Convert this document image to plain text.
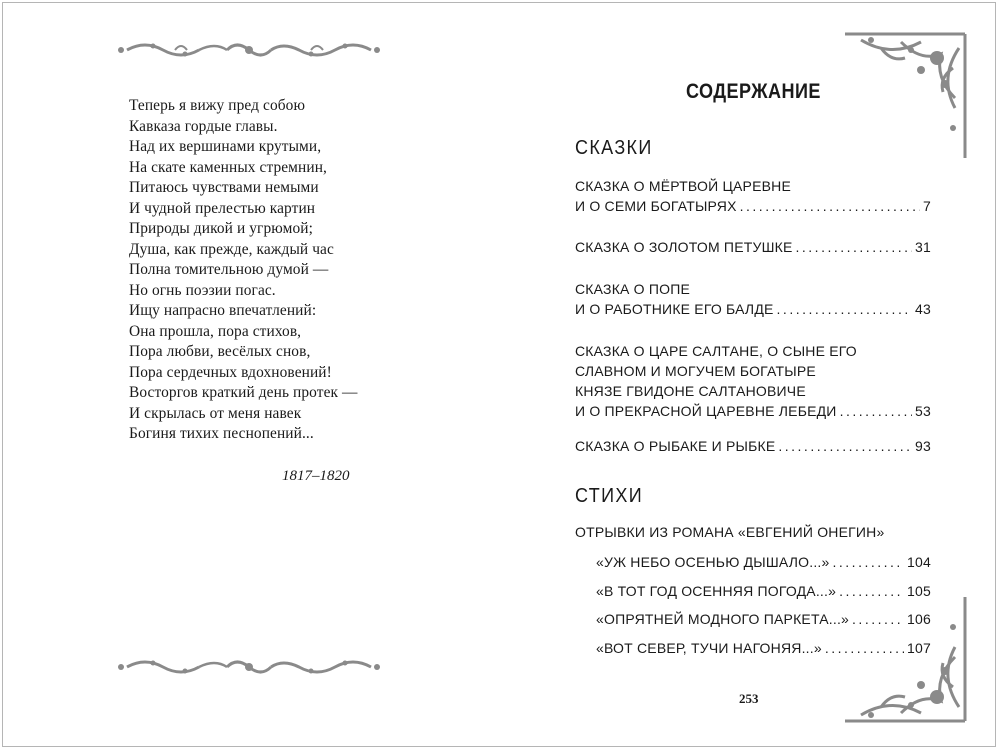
Теперь я вижу пред собою
Кавказа гордые главы.
Над их вершинами крутыми,
На скате каменных стремнин,
Питаюсь чувствами немыми
И чудной прелестью картин
Природы дикой и угрюмой;
Душа, как прежде, каждый час
Полна томительною думой —
Но огнь поэзии погас.
Ищу напрасно впечатлений:
Она прошла, пора стихов,
Пора любви, весёлых снов,
Пора сердечных вдохновений!
Восторгов краткий день протек —
И скрылась от меня навек
Богиня тихих песнопений...
1817–1820
СОДЕРЖАНИЕ
СКАЗКИ
СКАЗКА О МЁРТВОЙ ЦАРЕВНЕ
И О СЕМИ БОГАТЫРЯХ .....	7
СКАЗКА О ЗОЛОТОМ ПЕТУШКЕ .....	31
СКАЗКА О ПОПЕ
И О РАБОТНИКЕ ЕГО БАЛДЕ .....	43
СКАЗКА О ЦАРЕ САЛТАНЕ, О СЫНЕ ЕГО
СЛАВНОМ И МОГУЧЕМ БОГАТЫРЕ
КНЯЗЕ ГВИДОНЕ САЛТАНОВИЧЕ
И О ПРЕКРАСНОЙ ЦАРЕВНЕ ЛЕБЕДИ .....	53
СКАЗКА О РЫБАКЕ И РЫБКЕ .....	93
СТИХИ
ОТРЫВКИ ИЗ РОМАНА «ЕВГЕНИЙ ОНЕГИН»
«УЖ НЕБО ОСЕНЬЮ ДЫШАЛО...» .....	104
«В ТОТ ГОД ОСЕННЯЯ ПОГОДА...» .....	105
«ОПРЯТНЕЙ МОДНОГО ПАРКЕТА...» .....	106
«ВОТ СЕВЕР, ТУЧИ НАГОНЯЯ...» .....	107
253
